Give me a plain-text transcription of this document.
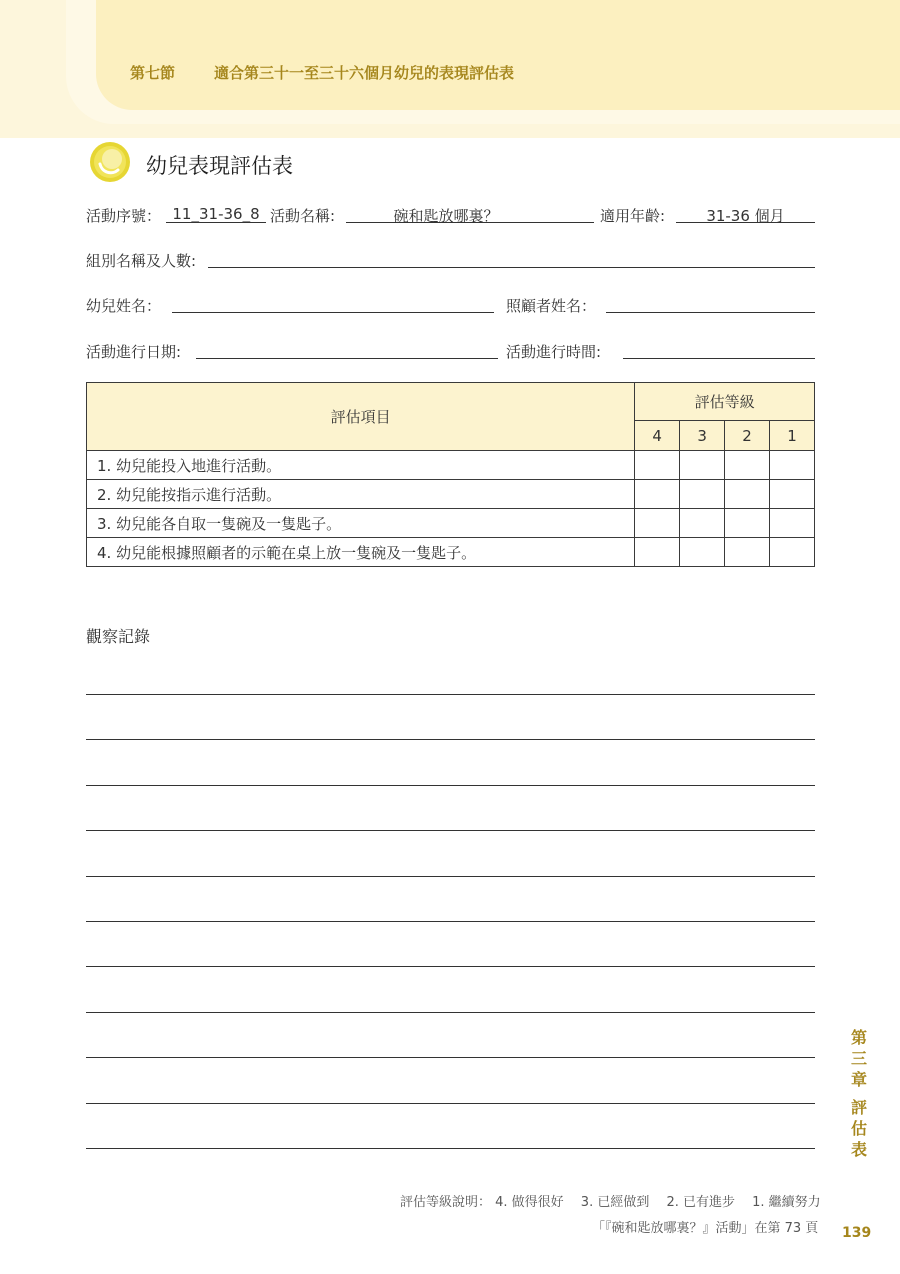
第七節	適合第三十一至三十六個月幼兒的表現評估表
幼兒表現評估表
活動序號： 11_31-36_8 活動名稱:	碗和匙放哪裏？	適用年齡:	31-36 個月
組別名稱及人數:
幼兒姓名：	照顧者姓名：
活動進行日期:	活動進行時間:
評估項目	評估等級			
	4	3	2	1
1. 幼兒能投入地進行活動。				
2. 幼兒能按指示進行活動。				
3. 幼兒能各自取一隻碗及一隻匙子。				
4. 幼兒能根據照顧者的示範在桌上放一隻碗及一隻匙子。				
觀察記錄
第三章
評估表
評估等級說明： 4. 做得很好　 3. 已經做到　 2. 已有進步　 1. 繼續努力
「『碗和匙放哪裏？』活動」在第 73 頁 139
